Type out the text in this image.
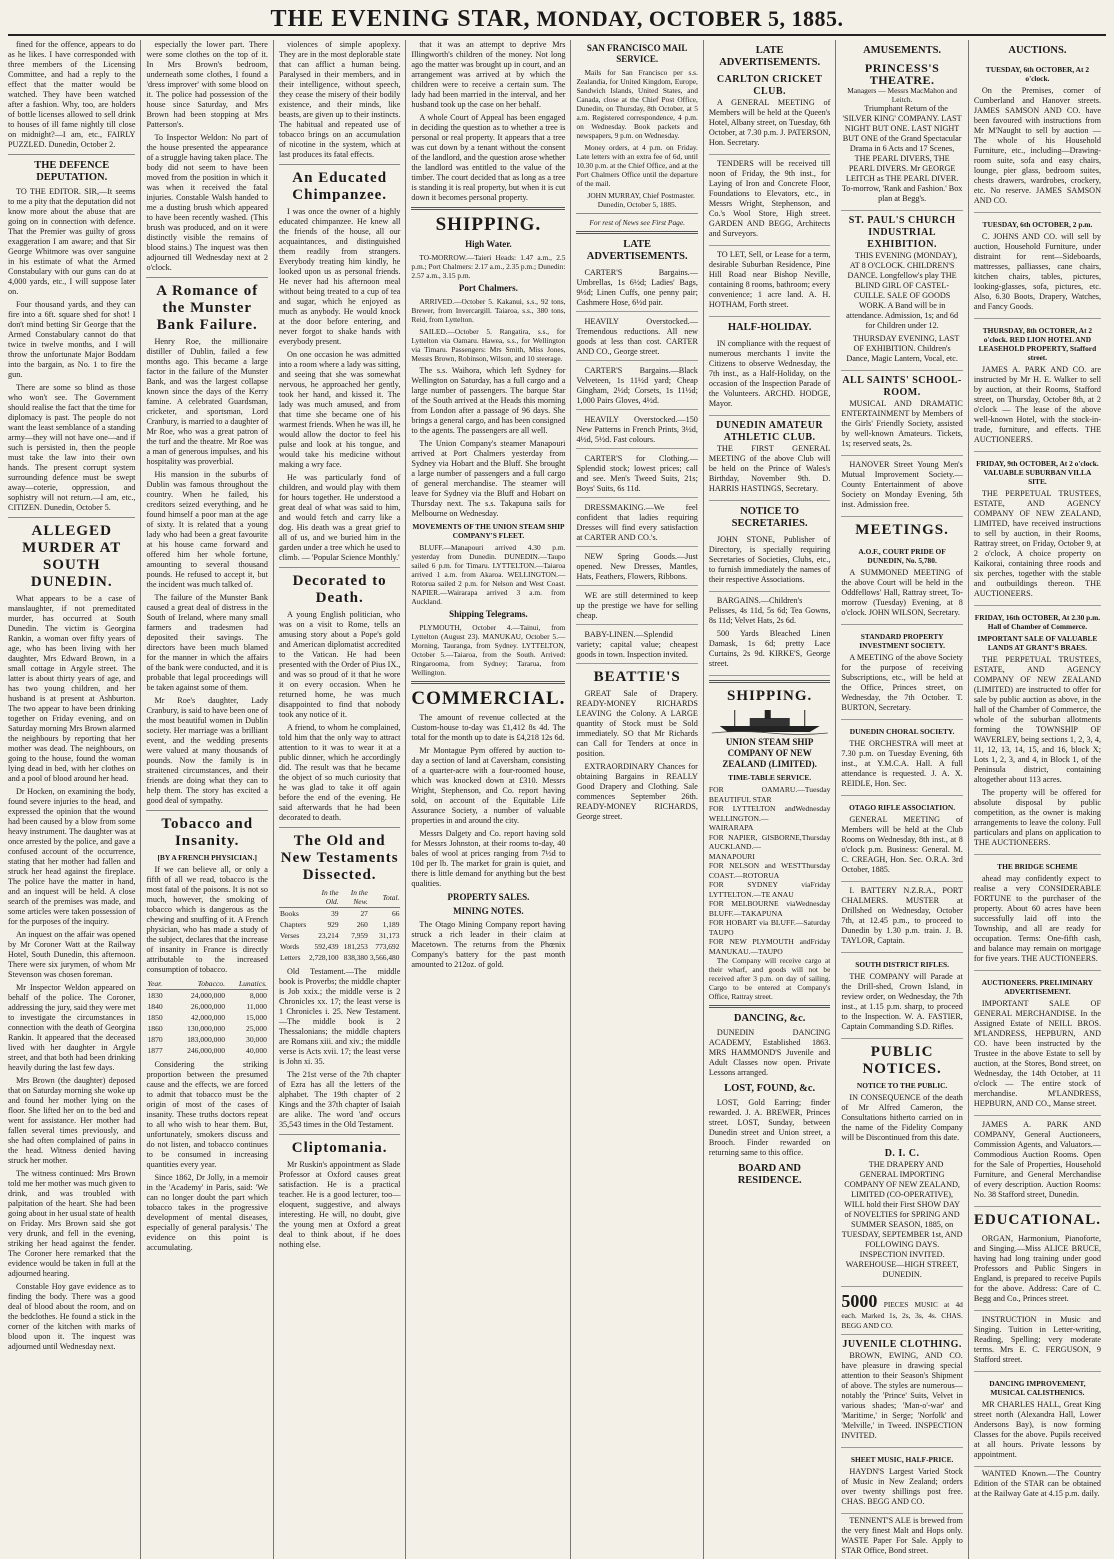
THE EVENING STAR, MONDAY, OCTOBER 5, 1885.

fined for the offence, appears to do as he likes. I have corresponded with three members of the Licensing Committee, and had a reply to the effect that the matter would be watched. They have been watched after a fashion. Why, too, are holders of bottle licenses allowed to sell drink to houses of ill fame nightly till close on midnight?—I am, etc., FAIRLY PUZZLED. Dunedin, October 2.

THE DEFENCE DEPUTATION.

TO THE EDITOR. SIR,—It seems to me a pity that the deputation did not know more about the abuse that are going on in connection with defence. That the Premier was guilty of gross exaggeration I am aware; and that Sir George Whitmore was over sanguine in his estimate of what the Armed Constabulary with our guns can do at 4,000 yards, etc., I will suppose later on.

Four thousand yards, and they can fire into a 6ft. square shed for shot! I don't mind betting Sir George that the Armed Constabulary cannot do that twice in twelve months, and I will throw the unfortunate Major Boddam into the bargain, as No. 1 to fire the gun.

There are some so blind as those who won't see. The Government should realise the fact that the time for diplomacy is past. The people do not want the least semblance of a standing army—they will not have one—and if such is persisted in, then the people must take the law into their own hands. The present corrupt system surrounding defence must be swept away—coterie, oppression, and sophistry will not return.—I am, etc., CITIZEN. Dunedin, October 5.

ALLEGED MURDER AT SOUTH DUNEDIN.

What appears to be a case of manslaughter, if not premeditated murder, has occurred at South Dunedin. The victim is Georgina Rankin, a woman over fifty years of age, who has been living with her daughter, Mrs Edward Brown, in a small cottage in Argyle street. The latter is about thirty years of age, and has two young children, and her husband is at present at Ashburton. The two appear to have been drinking together on Friday evening, and on Saturday morning Mrs Brown alarmed the neighbours by reporting that her mother was dead. The neighbours, on going to the house, found the woman lying dead in bed, with her clothes on and a pool of blood around her head.

Dr Hocken, on examining the body, found severe injuries to the head, and expressed the opinion that the wound had been caused by a blow from some heavy instrument. The daughter was at once arrested by the police, and gave a confused account of the occurrence, stating that her mother had fallen and struck her head against the fireplace. The police have the matter in hand, and an inquest will be held. A close search of the premises was made, and some articles were taken possession of for the purposes of the inquiry.

An inquest on the affair was opened by Mr Coroner Watt at the Railway Hotel, South Dunedin, this afternoon. There were six jurymen, of whom Mr Stevenson was chosen foreman.

Mr Inspector Weldon appeared on behalf of the police. The Coroner, addressing the jury, said they were met to investigate the circumstances in connection with the death of Georgina Rankin. It appeared that the deceased lived with her daughter in Argyle street, and that both had been drinking heavily during the last few days.

Mrs Brown (the daughter) deposed that on Saturday morning she woke up and found her mother lying on the floor. She lifted her on to the bed and went for assistance. Her mother had fallen several times previously, and she had often complained of pains in the head. Witness denied having struck her mother.

The witness continued: Mrs Brown told me her mother was much given to drink, and was troubled with palpitation of the heart. She had been going about in her usual state of health on Friday. Mrs Brown said she got very drunk, and fell in the evening, striking her head against the fender. The Coroner here remarked that the evidence would be taken in full at the adjourned hearing.

Constable Hoy gave evidence as to finding the body. There was a good deal of blood about the room, and on the bedclothes. He found a stick in the corner of the kitchen with marks of blood upon it. The inquest was adjourned until Wednesday next.

especially the lower part. There were some clothes on the top of it. In Mrs Brown's bedroom, underneath some clothes, I found a 'dress improver' with some blood on it. The police had possession of the house since Saturday, and Mrs Brown had been stopping at Mrs Patterson's.

To Inspector Weldon: No part of the house presented the appearance of a struggle having taken place. The body did not seem to have been moved from the position in which it was when it received the fatal injuries. Constable Walsh handed to me a dusting brush which appeared to have been recently washed. (This brush was produced, and on it were distinctly visible the remains of blood stains.) The inquest was then adjourned till Wednesday next at 2 o'clock.

A Romance of the Munster Bank Failure.

Henry Roe, the millionaire distiller of Dublin, failed a few months ago. This became a large factor in the failure of the Munster Bank, and was the largest collapse known since the days of the Kerry famine. A celebrated Guardsman, cricketer, and sportsman, Lord Cranbury, is married to a daughter of Mr Roe, who was a great patron of the turf and the theatre. Mr Roe was a man of generous impulses, and his hospitality was proverbial.

His mansion in the suburbs of Dublin was famous throughout the country. When he failed, his creditors seized everything, and he found himself a poor man at the age of sixty. It is related that a young lady who had been a great favourite at his house came forward and offered him her whole fortune, amounting to several thousand pounds. He refused to accept it, but the incident was much talked of.

The failure of the Munster Bank caused a great deal of distress in the South of Ireland, where many small farmers and tradesmen had deposited their savings. The directors have been much blamed for the manner in which the affairs of the bank were conducted, and it is probable that legal proceedings will be taken against some of them.

Mr Roe's daughter, Lady Cranbury, is said to have been one of the most beautiful women in Dublin society. Her marriage was a brilliant event, and the wedding presents were valued at many thousands of pounds. Now the family is in straitened circumstances, and their friends are doing what they can to help them. The story has excited a good deal of sympathy.

Tobacco and Insanity.
[BY A FRENCH PHYSICIAN.]

If we can believe all, or only a fifth of all we read, tobacco is the most fatal of the poisons. It is not so much, however, the smoking of tobacco which is dangerous as the chewing and snuffing of it. A French physician, who has made a study of the subject, declares that the increase of insanity in France is directly attributable to the increased consumption of tobacco.

Year.	Tobacco.	Lunatics.
1830	24,000,000	8,000
1840	26,000,000	11,000
1850	42,000,000	15,000
1860	130,000,000	25,000
1870	183,000,000	30,000
1877	246,000,000	40,000

Considering the striking proportion between the presumed cause and the effects, we are forced to admit that tobacco must be the origin of most of the cases of insanity. These truths doctors repeat to all who wish to hear them. But, unfortunately, smokers discuss and do not listen, and tobacco continues to be consumed in increasing quantities every year.

Since 1862, Dr Jolly, in a memoir in the 'Academy' in Paris, said: 'We can no longer doubt the part which tobacco takes in the progressive development of mental diseases, especially of general paralysis.' The evidence on this point is accumulating.

violences of simple apoplexy. They are in the most deplorable state that can afflict a human being. Paralysed in their members, and in their intelligence, without speech, they cease the misery of their bodily existence, and their minds, like beasts, are given up to their instincts. The habitual and repeated use of tobacco brings on an accumulation of nicotine in the system, which at last produces its fatal effects.

An Educated Chimpanzee.

I was once the owner of a highly educated chimpanzee. He knew all the friends of the house, all our acquaintances, and distinguished them readily from strangers. Everybody treating him kindly, he looked upon us as personal friends. He never had his afternoon meal without being treated to a cup of tea and sugar, which he enjoyed as much as anybody. He would knock at the door before entering, and never forgot to shake hands with everybody present.

On one occasion he was admitted into a room where a lady was sitting, and seeing that she was somewhat nervous, he approached her gently, took her hand, and kissed it. The lady was much amused, and from that time she became one of his warmest friends. When he was ill, he would allow the doctor to feel his pulse and look at his tongue, and would take his medicine without making a wry face.

He was particularly fond of children, and would play with them for hours together. He understood a great deal of what was said to him, and would fetch and carry like a dog. His death was a great grief to all of us, and we buried him in the garden under a tree which he used to climb. — 'Popular Science Monthly.'

Decorated to Death.

A young English politician, who was on a visit to Rome, tells an amusing story about a Pope's gold and American diplomatist accredited to the Vatican. He had been presented with the Order of Pius IX., and was so proud of it that he wore it on every occasion. When he returned home, he was much disappointed to find that nobody took any notice of it.

A friend, to whom he complained, told him that the only way to attract attention to it was to wear it at a public dinner, which he accordingly did. The result was that he became the object of so much curiosity that he was glad to take it off again before the end of the evening. He said afterwards that he had been decorated to death.

The Old and New Testaments Dissected.
	In the Old.	In the New.	Total.
Books	39	27	66
Chapters	929	260	1,189
Verses	23,214	7,959	31,173
Words	592,439	181,253	773,692
Letters	2,728,100	838,380	3,566,480

Old Testament.—The middle book is Proverbs; the middle chapter is Job xxix.; the middle verse is 2 Chronicles xx. 17; the least verse is 1 Chronicles i. 25. New Testament.—The middle book is 2 Thessalonians; the middle chapters are Romans xiii. and xiv.; the middle verse is Acts xvii. 17; the least verse is John xi. 35.

The 21st verse of the 7th chapter of Ezra has all the letters of the alphabet. The 19th chapter of 2 Kings and the 37th chapter of Isaiah are alike. The word 'and' occurs 35,543 times in the Old Testament.

Cliptomania.

Mr Ruskin's appointment as Slade Professor at Oxford causes great satisfaction. He is a practical teacher. He is a good lecturer, too—eloquent, suggestive, and always interesting. He will, no doubt, give the young men at Oxford a great deal to think about, if he does nothing else.

that it was an attempt to deprive Mrs Illingworth's children of the money. Not long ago the matter was brought up in court, and an arrangement was arrived at by which the children were to receive a certain sum. The lady had been married in the interval, and her husband took up the case on her behalf.

A whole Court of Appeal has been engaged in deciding the question as to whether a tree is personal or real property. It appears that a tree was cut down by a tenant without the consent of the landlord, and the question arose whether the landlord was entitled to the value of the timber. The court decided that as long as a tree is standing it is real property, but when it is cut down it becomes personal property.

SHIPPING.
High Water.

TO-MORROW.—Taieri Heads: 1.47 a.m., 2.5 p.m.; Port Chalmers: 2.17 a.m., 2.35 p.m.; Dunedin: 2.57 a.m., 3.15 p.m.

Port Chalmers.

ARRIVED.—October 5. Kakanui, s.s., 92 tons, Brewer, from Invercargill. Taiaroa, s.s., 380 tons, Reid, from Lyttelton.

SAILED.—October 5. Rangatira, s.s., for Lyttelton via Oamaru. Hawea, s.s., for Wellington via Timaru. Passengers: Mrs Smith, Miss Jones, Messrs Brown, Robinson, Wilson, and 10 steerage.

The s.s. Waihora, which left Sydney for Wellington on Saturday, has a full cargo and a large number of passengers. The barque Star of the South arrived at the Heads this morning from London after a passage of 96 days. She brings a general cargo, and has been consigned to the agents. The passengers are all well.

The Union Company's steamer Manapouri arrived at Port Chalmers yesterday from Sydney via Hobart and the Bluff. She brought a large number of passengers and a full cargo of general merchandise. The steamer will leave for Sydney via the Bluff and Hobart on Thursday next. The s.s. Takapuna sails for Melbourne on Wednesday.

MOVEMENTS OF THE UNION STEAM SHIP COMPANY'S FLEET.

BLUFF.—Manapouri arrived 4.30 p.m. yesterday from Dunedin. DUNEDIN.—Taupo sailed 6 p.m. for Timaru. LYTTELTON.—Taiaroa arrived 1 a.m. from Akaroa. WELLINGTON.—Rotorua sailed 2 p.m. for Nelson and West Coast. NAPIER.—Wairarapa arrived 3 a.m. from Auckland.

Shipping Telegrams.

PLYMOUTH, October 4.—Tainui, from Lyttelton (August 23). MANUKAU, October 5.—Morning, Tauranga, from Sydney. LYTTELTON, October 5.—Taiaroa, from the South. Arrived: Ringarooma, from Sydney; Tararua, from Wellington.

COMMERCIAL.

The amount of revenue collected at the Custom-house to-day was £1,412 8s 4d. The total for the month up to date is £4,218 12s 6d.

Mr Montague Pym offered by auction to-day a section of land at Caversham, consisting of a quarter-acre with a four-roomed house, which was knocked down at £310. Messrs Wright, Stephenson, and Co. report having sold, on account of the Equitable Life Assurance Society, a number of valuable properties in and around the city.

Messrs Dalgety and Co. report having sold for Messrs Johnston, at their rooms to-day, 40 bales of wool at prices ranging from 7½d to 10d per lb. The market for grain is quiet, and there is little demand for anything but the best qualities.

PROPERTY SALES.
MINING NOTES.

The Otago Mining Company report having struck a rich leader in their claim at Macetown. The returns from the Phœnix Company's battery for the past month amounted to 212oz. of gold.

SAN FRANCISCO MAIL SERVICE.

Mails for San Francisco per s.s. Zealandia, for United Kingdom, Europe, Sandwich Islands, United States, and Canada, close at the Chief Post Office, Dunedin, on Thursday, 8th October, at 5 a.m. Registered correspondence, 4 p.m. on Wednesday. Book packets and newspapers, 9 p.m. on Wednesday.

Money orders, at 4 p.m. on Friday. Late letters with an extra fee of 6d, until 10.30 p.m. at the Chief Office, and at the Port Chalmers Office until the departure of the mail.

JOHN MURRAY, Chief Postmaster. Dunedin, October 5, 1885.

For rest of News see First Page.
LATE ADVERTISEMENTS.

CARTER'S Bargains.—Umbrellas, 1s 6½d; Ladies' Bags, 9½d; Linen Cuffs, one penny pair; Cashmere Hose, 6½d pair.

HEAVILY Overstocked.—Tremendous reductions. All new goods at less than cost. CARTER AND CO., George street.

CARTER'S Bargains.—Black Velveteen, 1s 11½d yard; Cheap Gingham, 2½d; Corsets, 1s 11½d; 1,000 Pairs Gloves, 4½d.

HEAVILY Overstocked.—150 New Patterns in French Prints, 3½d, 4½d, 5½d. Fast colours.

CARTER'S for Clothing.—Splendid stock; lowest prices; call and see. Men's Tweed Suits, 21s; Boys' Suits, 6s 11d.

DRESSMAKING.—We feel confident that ladies requiring Dresses will find every satisfaction at CARTER AND CO.'s.

NEW Spring Goods.—Just opened. New Dresses, Mantles, Hats, Feathers, Flowers, Ribbons.

WE are still determined to keep up the prestige we have for selling cheap.

BABY-LINEN.—Splendid variety; capital value; cheapest goods in town. Inspection invited.

BEATTIE'S

GREAT Sale of Drapery. READY-MONEY RICHARDS LEAVING the Colony. A LARGE quantity of Stock must be Sold immediately. SO that Mr Richards can Call for Tenders at once in position.

EXTRAORDINARY Chances for obtaining Bargains in REALLY Good Drapery and Clothing. Sale commences September 26th. READY-MONEY RICHARDS, George street.

LATE ADVERTISEMENTS.
CARLTON CRICKET CLUB.

A GENERAL MEETING of Members will be held at the Queen's Hotel, Albany street, on Tuesday, 6th October, at 7.30 p.m. J. PATERSON, Hon. Secretary.

TENDERS will be received till noon of Friday, the 9th inst., for Laying of Iron and Concrete Floor, Foundations to Elevators, etc., in Messrs Wright, Stephenson, and Co.'s Wool Store, High street. GARDEN AND BEGG, Architects and Surveyors.

TO LET, Sell, or Lease for a term, desirable Suburban Residence, Pine Hill Road near Bishop Neville, containing 8 rooms, bathroom; every convenience; 1 acre land. A. H. HOTHAM, Forth street.

HALF-HOLIDAY.

IN compliance with the request of numerous merchants I invite the Citizens to observe Wednesday, the 7th inst., as a Half-Holiday, on the occasion of the Inspection Parade of the Volunteers. ARCHD. HODGE, Mayor.

DUNEDIN AMATEUR ATHLETIC CLUB.

THE FIRST GENERAL MEETING of the above Club will be held on the Prince of Wales's Birthday, November 9th. D. HARRIS HASTINGS, Secretary.

NOTICE TO SECRETARIES.

JOHN STONE, Publisher of Directory, is specially requiring Secretaries of Societies, Clubs, etc., to furnish immediately the names of their respective Associations.

BARGAINS.—Children's Pelisses, 4s 11d, 5s 6d; Tea Gowns, 8s 11d; Velvet Hats, 2s 6d.

500 Yards Bleached Linen Damask, 1s 6d; pretty Lace Curtains, 2s 9d. KIRKE'S, George street.

SHIPPING.
UNION STEAM SHIP COMPANY OF NEW ZEALAND (LIMITED).
TIME-TABLE SERVICE.
FOR OAMARU.—BEAUTIFUL STAR
Tuesday
FOR LYTTELTON and WELLINGTON.—WAIRARAPA
Wednesday
FOR NAPIER, GISBORNE, AUCKLAND.—MANAPOURI
Thursday
FOR NELSON and WEST COAST.—ROTORUA
Thursday
FOR SYDNEY via LYTTELTON.—TE ANAU
Friday
FOR MELBOURNE via BLUFF.—TAKAPUNA
Wednesday
FOR HOBART via BLUFF.—TAUPO
Saturday
FOR NEW PLYMOUTH and MANUKAU.—TAUPO
Friday

The Company will receive cargo at their wharf, and goods will not be received after 3 p.m. on day of sailing. Cargo to be entered at Company's Office, Rattray street.

DANCING, &c.

DUNEDIN DANCING ACADEMY, Established 1863. MRS HAMMOND'S Juvenile and Adult Classes now open. Private Lessons arranged.

LOST, FOUND, &c.

LOST, Gold Earring; finder rewarded. J. A. BREWER, Princes street. LOST, Sunday, between Dunedin street and Union street, a Brooch. Finder rewarded on returning same to this office.

BOARD AND RESIDENCE.
AMUSEMENTS.
PRINCESS'S THEATRE.
Managers — Messrs MacMahon and Leitch.

Triumphant Return of the 'SILVER KING' COMPANY. LAST NIGHT BUT ONE. LAST NIGHT BUT ONE of the Grand Spectacular Drama in 6 Acts and 17 Scenes, THE PEARL DIVERS, THE PEARL DIVERS. Mr GEORGE LEITCH as THE PEARL DIVER. To-morrow, 'Rank and Fashion.' Box plan at Begg's.

ST. PAUL'S CHURCH INDUSTRIAL EXHIBITION.

THIS EVENING (MONDAY), AT 8 O'CLOCK. CHILDREN'S DANCE. Longfellow's play THE BLIND GIRL OF CASTEL-CUILLE. SALE OF GOODS WORK. A Band will be in attendance. Admission, 1s; and 6d for Children under 12.

THURSDAY EVENING, LAST OF EXHIBITION. Children's Dance, Magic Lantern, Vocal, etc.

ALL SAINTS' SCHOOL-ROOM.

MUSICAL AND DRAMATIC ENTERTAINMENT by Members of the Girls' Friendly Society, assisted by well-known Amateurs. Tickets, 1s; reserved seats, 2s.

HANOVER Street Young Men's Mutual Improvement Society.—County Entertainment of above Society on Monday Evening, 5th inst. Admission free.

MEETINGS.
A.O.F., COURT PRIDE OF DUNEDIN, No. 5,780.

A SUMMONED MEETING of the above Court will be held in the Oddfellows' Hall, Rattray street, To-morrow (Tuesday) Evening, at 8 o'clock. JOHN WILSON, Secretary.

STANDARD PROPERTY INVESTMENT SOCIETY.

A MEETING of the above Society for the purpose of receiving Subscriptions, etc., will be held at the Office, Princes street, on Wednesday, the 7th October. T. BURTON, Secretary.

DUNEDIN CHORAL SOCIETY.

THE ORCHESTRA will meet at 7.30 p.m. on Tuesday Evening, 6th inst., at Y.M.C.A. Hall. A full attendance is requested. J. A. X. REIDLE, Hon. Sec.

OTAGO RIFLE ASSOCIATION.

GENERAL MEETING of Members will be held at the Club Rooms on Wednesday, 8th inst., at 8 o'clock p.m. Business: General. M. C. CREAGH, Hon. Sec. O.R.A. 3rd October, 1885.

I. BATTERY N.Z.R.A., PORT CHALMERS. MUSTER at Drillshed on Wednesday, October 7th, at 12.45 p.m., to proceed to Dunedin by 1.30 p.m. train. J. B. TAYLOR, Captain.

SOUTH DISTRICT RIFLES.

THE COMPANY will Parade at the Drill-shed, Crown Island, in review order, on Wednesday, the 7th inst., at 1.15 p.m. sharp, to proceed to the Inspection. W. A. FASTIER, Captain Commanding S.D. Rifles.

PUBLIC NOTICES.
NOTICE TO THE PUBLIC.

IN CONSEQUENCE of the death of Mr Alfred Cameron, the Consultations hitherto carried on in the name of the Fidelity Company will be Discontinued from this date.

D. I. C.

THE DRAPERY AND GENERAL IMPORTING COMPANY OF NEW ZEALAND, LIMITED (CO-OPERATIVE), WILL hold their First SHOW DAY of NOVELTIES for SPRING AND SUMMER SEASON, 1885, on TUESDAY, SEPTEMBER 1st, AND FOLLOWING DAYS. INSPECTION INVITED. WAREHOUSE—HIGH STREET, DUNEDIN.

5000 PIECES MUSIC at 4d each. Marked 1s, 2s, 3s, 4s. CHAS. BEGG AND CO.
JUVENILE CLOTHING.

BROWN, EWING, AND CO. have pleasure in drawing special attention to their Season's Shipment of above. The styles are numerous—notably the 'Prince' Suits, Velvet in various shades; 'Man-o'-war' and 'Maritime,' in Serge; 'Norfolk' and 'Melville,' in Tweed. INSPECTION INVITED.

SHEET MUSIC, HALF-PRICE.

HAYDN'S Largest Varied Stock of Music in New Zealand; orders over twenty shillings post free. CHAS. BEGG AND CO.

TENNENT'S ALE is brewed from the very finest Malt and Hops only. WASTE Paper For Sale. Apply to STAR Office, Bond street.

AUCTIONS.
TUESDAY, 6th OCTOBER, At 2 o'clock.

On the Premises, corner of Cumberland and Hanover streets. JAMES SAMSON AND CO. have been favoured with instructions from Mr M'Naught to sell by auction — The whole of his Household Furniture, etc., including—Drawing-room suite, sofa and easy chairs, lounge, pier glass, bedroom suites, chests drawers, wardrobes, crockery, etc. No reserve. JAMES SAMSON AND CO.

TUESDAY, 6th OCTOBER, 2 p.m.

C. JOHNS AND CO. will sell by auction, Household Furniture, under distraint for rent—Sideboards, mattresses, palliasses, cane chairs, kitchen chairs, tables, pictures, looking-glasses, sofa, pictures, etc. Also, 6.30 Boots, Drapery, Watches, and Fancy Goods.

THURSDAY, 8th OCTOBER, At 2 o'clock. RED LION HOTEL AND LEASEHOLD PROPERTY, Stafford street.

JAMES A. PARK AND CO. are instructed by Mr H. E. Walker to sell by auction, at their Rooms, Stafford street, on Thursday, October 8th, at 2 o'clock — The lease of the above well-known Hotel, with the stock-in-trade, furniture, and effects. THE AUCTIONEERS.

FRIDAY, 9th OCTOBER, At 2 o'clock. VALUABLE SUBURBAN VILLA SITE.

THE PERPETUAL TRUSTEES, ESTATE, AND AGENCY COMPANY OF NEW ZEALAND, LIMITED, have received instructions to sell by auction, in their Rooms, Rattray street, on Friday, October 9, at 2 o'clock, A choice property on Kaikorai, containing three roods and six perches, together with the stable and outbuildings thereon. THE AUCTIONEERS.

FRIDAY, 16th OCTOBER, At 2.30 p.m. Hall of Chamber of Commerce.
IMPORTANT SALE OF VALUABLE LANDS AT GRANT'S BRAES.

THE PERPETUAL TRUSTEES, ESTATE, AND AGENCY COMPANY OF NEW ZEALAND (LIMITED) are instructed to offer for sale by public auction as above, in the hall of the Chamber of Commerce, the whole of the suburban allotments forming the TOWNSHIP OF WAVERLEY, being sections 1, 2, 3, 4, 11, 12, 13, 14, 15, and 16, block X; Lots 1, 2, 3, and 4, in Block 1, of the Peninsula district, containing altogether about 113 acres.

The property will be offered for absolute disposal by public competition, as the owner is making arrangements to leave the colony. Full particulars and plans on application to THE AUCTIONEERS.

THE BRIDGE SCHEME

ahead may confidently expect to realise a very CONSIDERABLE FORTUNE to the purchaser of the property. About 60 acres have been successfully laid off into the Township, and all are ready for occupation. Terms: One-fifth cash, and balance may remain on mortgage for five years. THE AUCTIONEERS.

AUCTIONEERS. PRELIMINARY ADVERTISEMENT.

IMPORTANT SALE OF GENERAL MERCHANDISE. In the Assigned Estate of NEILL BROS. M'LANDRESS, HEPBURN, AND CO. have been instructed by the Trustee in the above Estate to sell by auction, at the Stores, Bond street, on Wednesday, the 14th October, at 11 o'clock — The entire stock of merchandise. M'LANDRESS, HEPBURN, AND CO., Manse street.

JAMES A. PARK AND COMPANY, General Auctioneers, Commission Agents, and Valuators.—Commodious Auction Rooms. Open for the Sale of Properties, Household Furniture, and General Merchandise of every description. Auction Rooms: No. 38 Stafford street, Dunedin.

EDUCATIONAL.

ORGAN, Harmonium, Pianoforte, and Singing.—Miss ALICE BRUCE, having had long training under good Professors and Public Singers in England, is prepared to receive Pupils for the above. Address: Care of C. Begg and Co., Princes street.

INSTRUCTION in Music and Singing. Tuition in Letter-writing, Reading, Spelling; very moderate terms. Mrs E. C. FERGUSON, 9 Stafford street.

DANCING IMPROVEMENT, MUSICAL CALISTHENICS.

MR CHARLES HALL, Great King street north (Alexandra Hall, Lower Andersons Bay), is now forming Classes for the above. Pupils received at all hours. Private lessons by appointment.

WANTED Known.—The Country Edition of the STAR can be obtained at the Railway Gate at 4.15 p.m. daily.
